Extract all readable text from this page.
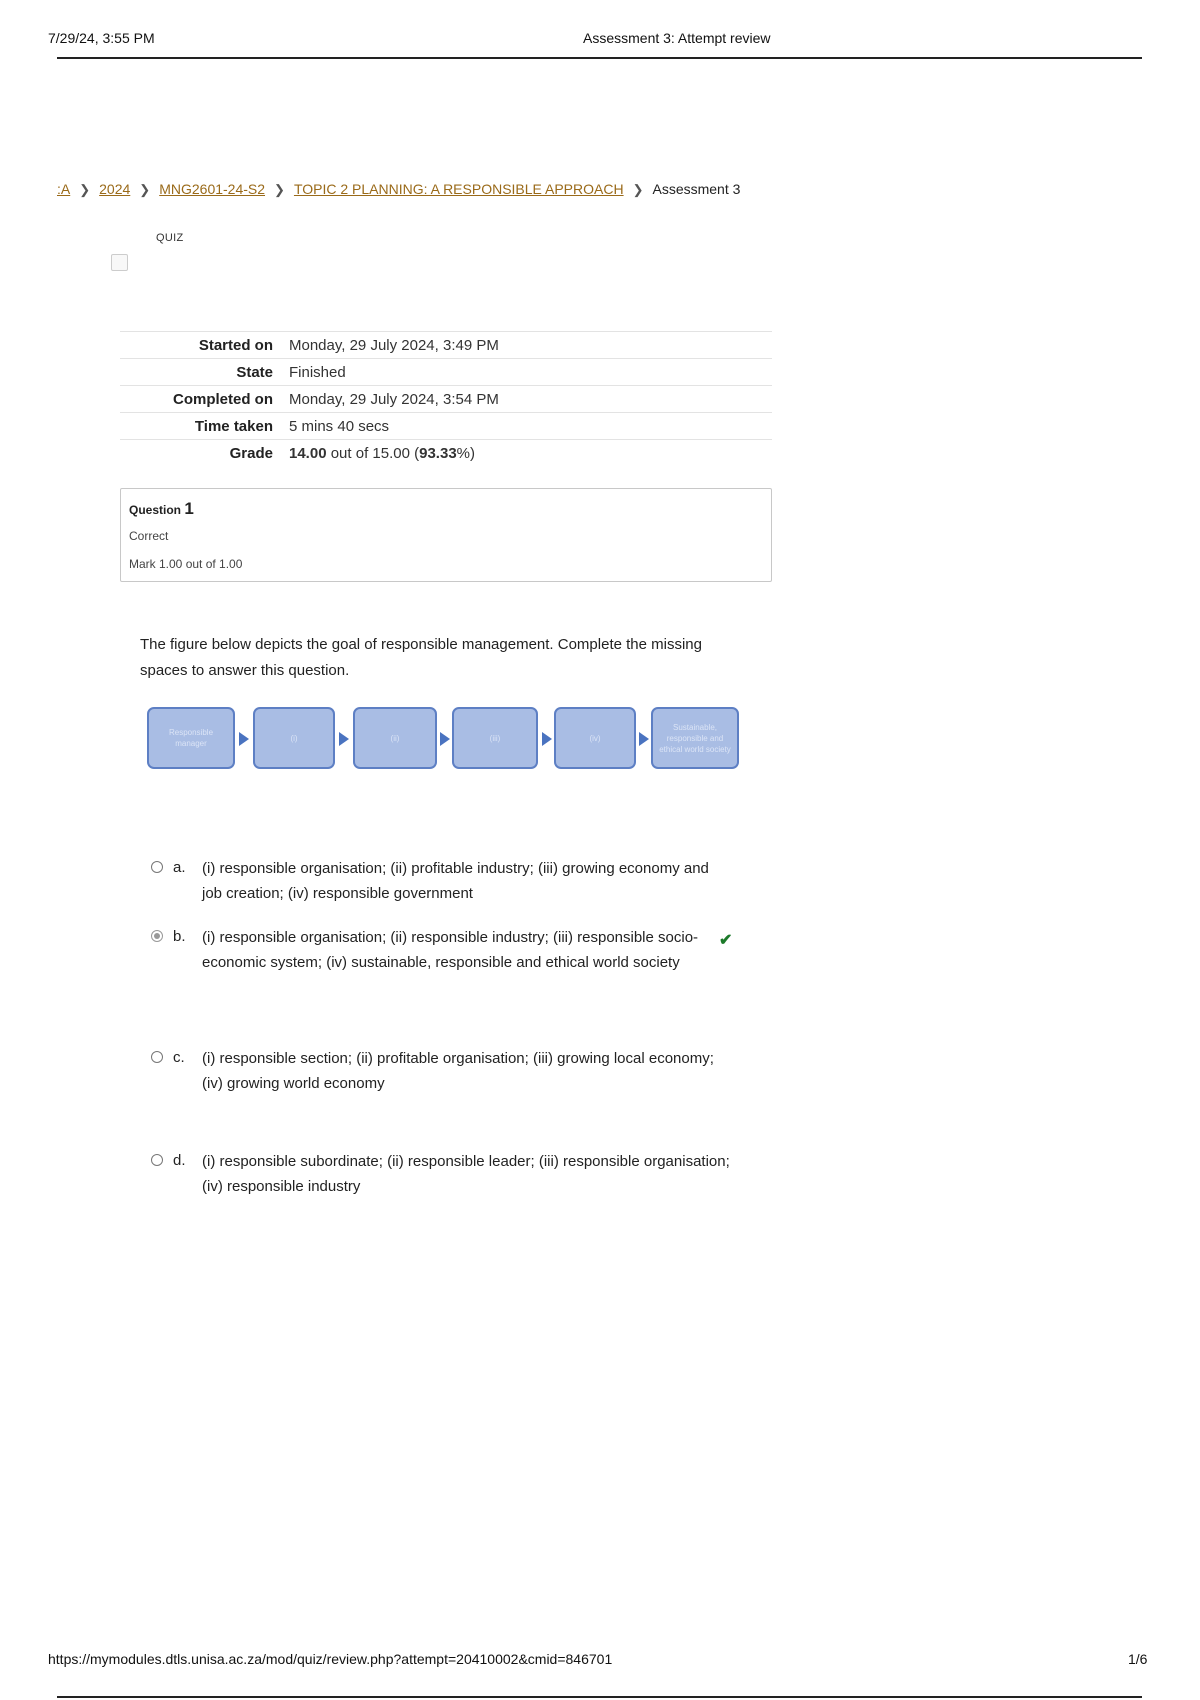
7/29/24, 3:55 PM	Assessment 3: Attempt review
:A ❯ 2024 ❯ MNG2601-24-S2 ❯ TOPIC 2 PLANNING: A RESPONSIBLE APPROACH ❯ Assessment 3
QUIZ
Started on	Monday, 29 July 2024, 3:49 PM
State	Finished
Completed on	Monday, 29 July 2024, 3:54 PM
Time taken	5 mins 40 secs
Grade	14.00 out of 15.00 (93.33%)
Question 1
Correct
Mark 1.00 out of 1.00
The figure below depicts the goal of responsible management. Complete the missing spaces to answer this question.
Responsible manager
(i)	(ii)	(iii)	(iv)
Sustainable, responsible and ethical world society
a. (i) responsible organisation; (ii) profitable industry; (iii) growing economy and job creation; (iv) responsible government
b. (i) responsible organisation; (ii) responsible industry; (iii) responsible socio-economic system; (iv) sustainable, responsible and ethical world society
✔
c. (i) responsible section; (ii) profitable organisation; (iii) growing local economy; (iv) growing world economy
d. (i) responsible subordinate; (ii) responsible leader; (iii) responsible organisation; (iv) responsible industry
https://mymodules.dtls.unisa.ac.za/mod/quiz/review.php?attempt=20410002&cmid=846701	1/6
